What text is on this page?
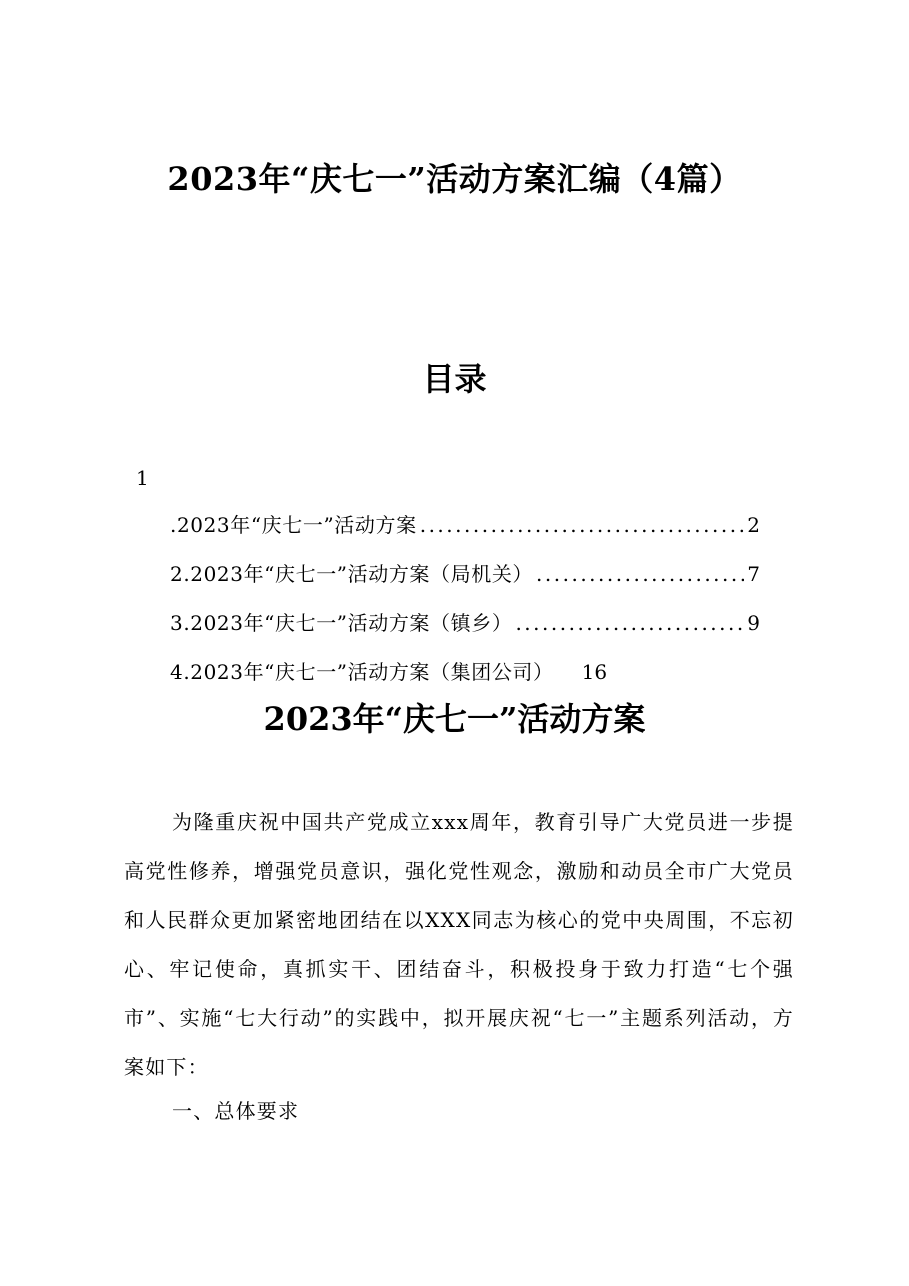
2023年“庆七一”活动方案汇编（4篇）
目录
1
.2023年“庆七一”活动方案 .....	2
2.2023年“庆七一”活动方案（局机关） .....	7
3.2023年“庆七一”活动方案（镇乡） .....	9
4.2023年“庆七一”活动方案（集团公司） 16
2023年“庆七一”活动方案

为隆重庆祝中国共产党成立xxx周年，教育引导广大党员进一步提高党性修养，增强党员意识，强化党性观念，激励和动员全市广大党员和人民群众更加紧密地团结在以XXX同志为核心的党中央周围，不忘初心、牢记使命，真抓实干、团结奋斗，积极投身于致力打造“七个强市”、实施“七大行动”的实践中，拟开展庆祝“七一”主题系列活动，方案如下：

一、总体要求
